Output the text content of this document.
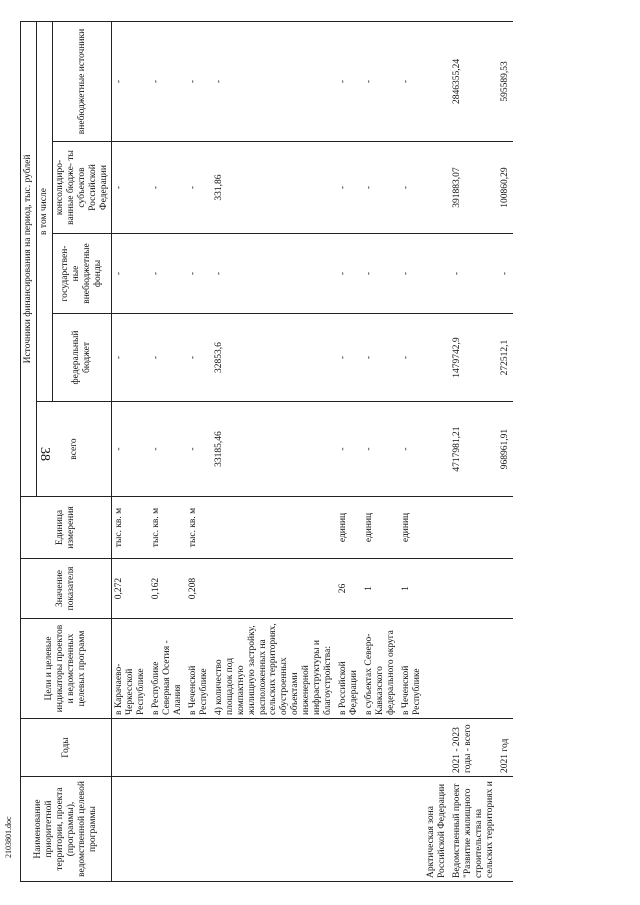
38
Наименование приоритетной территории, проекта (программы), ведомственной целевой программы	Годы	Цели и целевые индикаторы проектов и ведомственных целевых программ	Значение показателя	Единица измерения	Источники финансирования на период, тыс. рублей				
					всего	в том числе			
						федеральный бюджет	государствен- ные внебюджетные фонды	консолидиро- ванные бюдже- ты субъектов Российской Федерации	внебюджетные источники
		в Карачаево-Черкесской Республике	0,272	тыс. кв. м	-	-	-	-	-
		в Республике Северная Осетия - Алания	0,162	тыс. кв. м	-	-	-	-	-
		в Чеченской Республике	0,208	тыс. кв. м	-	-	-	-	-
		4) количество площадок под компактную жилищную застройку, расположенных на сельских территориях, обустроенных объектами инженерной инфраструктуры и благоустройства:			33185,46	32853,6	-	331,86	-
		в Российской Федерации	26	единиц	-	-	-	-	-
		в субъектах Северо-Кавказского федерального округа	1	единиц	-	-	-	-	-
		в Чеченской Республике	1	единиц	-	-	-	-	-
Арктическая зона Российской Федерации									
Ведомственный проект "Развитие жилищного строительства на сельских территориях и	2021 - 2023 годы - всего				4717981,21	1479742,9	-	391883,07	2846355,24
	2021 год				968961,91	272512,1	-	100860,29	595589,53
2103801.doc
